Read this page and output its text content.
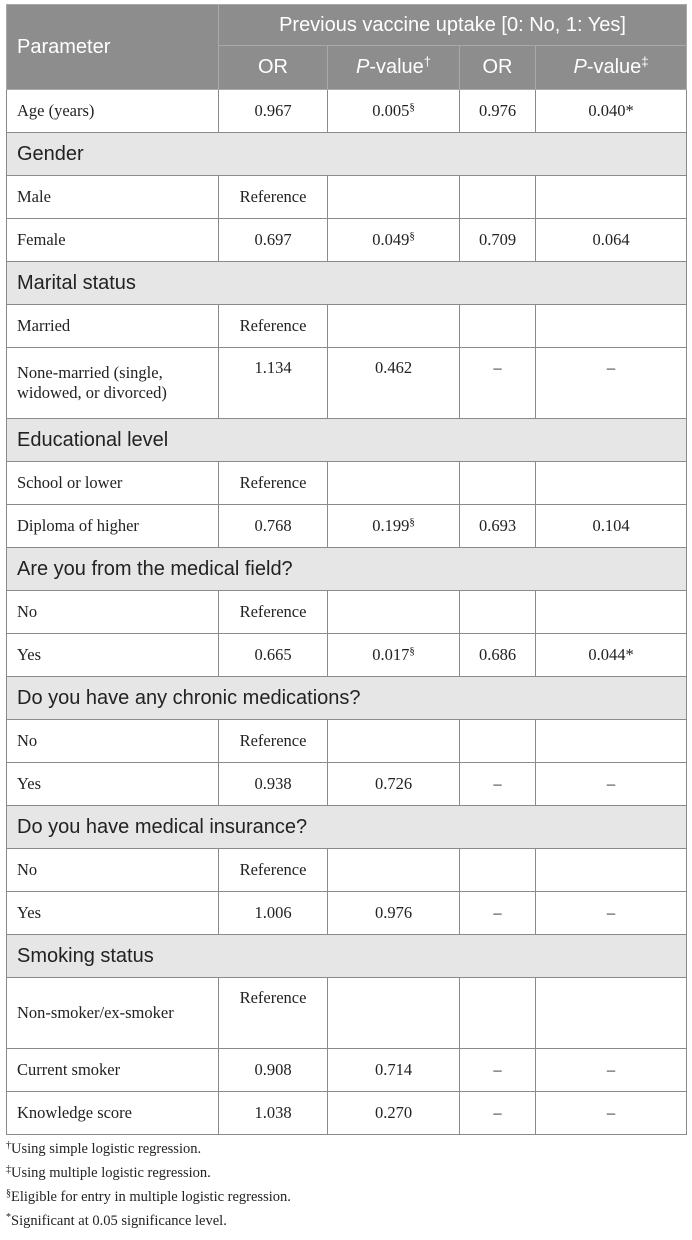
Parameter	Previous vaccine uptake [0: No, 1: Yes]			
	OR	P-value†	OR	P-value‡
Age (years)	0.967	0.005§	0.976	0.040*
Gender				
Male	Reference			
Female	0.697	0.049§	0.709	0.064
Marital status				
Married	Reference			
None-married (single, widowed, or divorced)	1.134	0.462	–	–
Educational level				
School or lower	Reference			
Diploma of higher	0.768	0.199§	0.693	0.104
Are you from the medical field?				
No	Reference			
Yes	0.665	0.017§	0.686	0.044*
Do you have any chronic medications?				
No	Reference			
Yes	0.938	0.726	–	–
Do you have medical insurance?				
No	Reference			
Yes	1.006	0.976	–	–
Smoking status				
Non-smoker/ex-smoker	Reference			
Current smoker	0.908	0.714	–	–
Knowledge score	1.038	0.270	–	–
†Using simple logistic regression.
‡Using multiple logistic regression.
§Eligible for entry in multiple logistic regression.
*Significant at 0.05 significance level.
